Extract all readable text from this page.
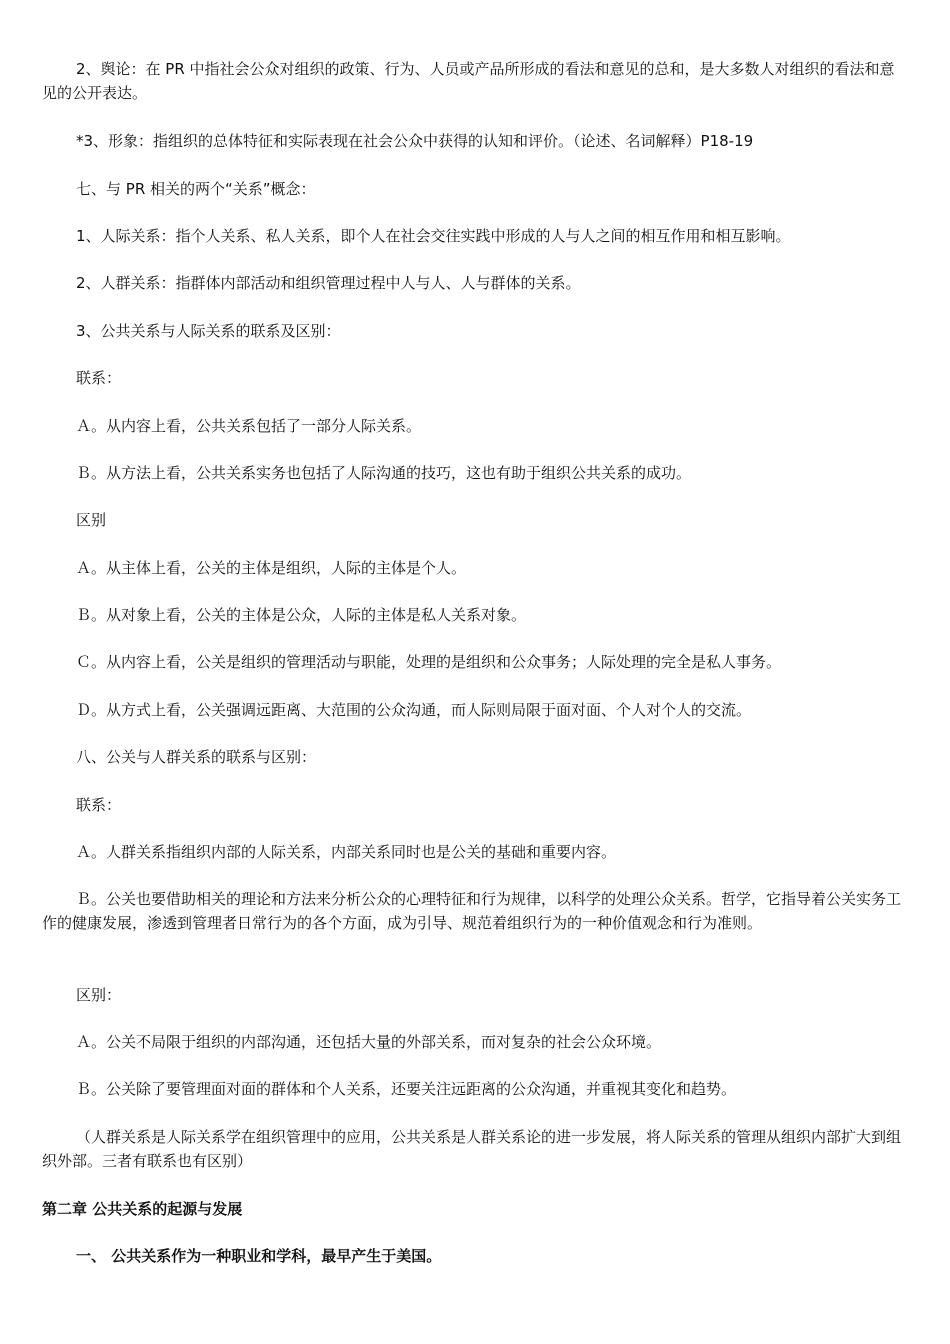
2、舆论：在 PR 中指社会公众对组织的政策、行为、人员或产品所形成的看法和意见的总和，是大多数人对组织的看法和意见的公开表达。
*3、形象：指组织的总体特征和实际表现在社会公众中获得的认知和评价。（论述、名词解释）P18-19
七、与 PR 相关的两个“关系”概念：
1、人际关系：指个人关系、私人关系，即个人在社会交往实践中形成的人与人之间的相互作用和相互影响。
2、人群关系：指群体内部活动和组织管理过程中人与人、人与群体的关系。
3、公共关系与人际关系的联系及区别：
联系：
Ａ。从内容上看，公共关系包括了一部分人际关系。
Ｂ。从方法上看，公共关系实务也包括了人际沟通的技巧，这也有助于组织公共关系的成功。
区别
Ａ。从主体上看，公关的主体是组织，人际的主体是个人。
Ｂ。从对象上看，公关的主体是公众，人际的主体是私人关系对象。
Ｃ。从内容上看，公关是组织的管理活动与职能，处理的是组织和公众事务；人际处理的完全是私人事务。
Ｄ。从方式上看，公关强调远距离、大范围的公众沟通，而人际则局限于面对面、个人对个人的交流。
八、公关与人群关系的联系与区别：
联系：
Ａ。人群关系指组织内部的人际关系，内部关系同时也是公关的基础和重要内容。
Ｂ。公关也要借助相关的理论和方法来分析公众的心理特征和行为规律，以科学的处理公众关系。哲学，它指导着公关实务工作的健康发展，渗透到管理者日常行为的各个方面，成为引导、规范着组织行为的一种价值观念和行为准则。
区别：
Ａ。公关不局限于组织的内部沟通，还包括大量的外部关系，而对复杂的社会公众环境。
Ｂ。公关除了要管理面对面的群体和个人关系，还要关注远距离的公众沟通，并重视其变化和趋势。
（人群关系是人际关系学在组织管理中的应用，公共关系是人群关系论的进一步发展，将人际关系的管理从组织内部扩大到组织外部。三者有联系也有区别）
第二章 公共关系的起源与发展
一、 公共关系作为一种职业和学科，最早产生于美国。
